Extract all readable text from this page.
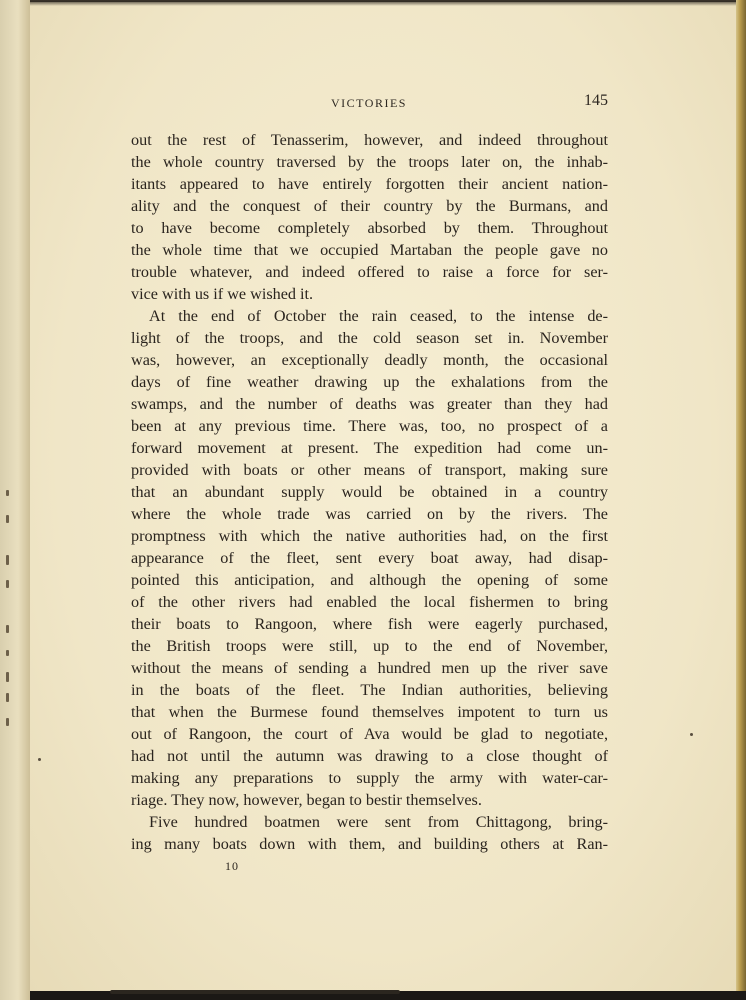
VICTORIES	145
out the rest of Tenasserim, however, and indeed throughout
the whole country traversed by the troops later on, the inhab-
itants appeared to have entirely forgotten their ancient nation-
ality and the conquest of their country by the Burmans, and
to have become completely absorbed by them. Throughout
the whole time that we occupied Martaban the people gave no
trouble whatever, and indeed offered to raise a force for ser-
vice with us if we wished it.
At the end of October the rain ceased, to the intense de-
light of the troops, and the cold season set in. November
was, however, an exceptionally deadly month, the occasional
days of fine weather drawing up the exhalations from the
swamps, and the number of deaths was greater than they had
been at any previous time. There was, too, no prospect of a
forward movement at present. The expedition had come un-
provided with boats or other means of transport, making sure
that an abundant supply would be obtained in a country
where the whole trade was carried on by the rivers. The
promptness with which the native authorities had, on the first
appearance of the fleet, sent every boat away, had disap-
pointed this anticipation, and although the opening of some
of the other rivers had enabled the local fishermen to bring
their boats to Rangoon, where fish were eagerly purchased,
the British troops were still, up to the end of November,
without the means of sending a hundred men up the river save
in the boats of the fleet. The Indian authorities, believing
that when the Burmese found themselves impotent to turn us
out of Rangoon, the court of Ava would be glad to negotiate,
had not until the autumn was drawing to a close thought of
making any preparations to supply the army with water-car-
riage. They now, however, began to bestir themselves.
Five hundred boatmen were sent from Chittagong, bring-
ing many boats down with them, and building others at Ran-
10
